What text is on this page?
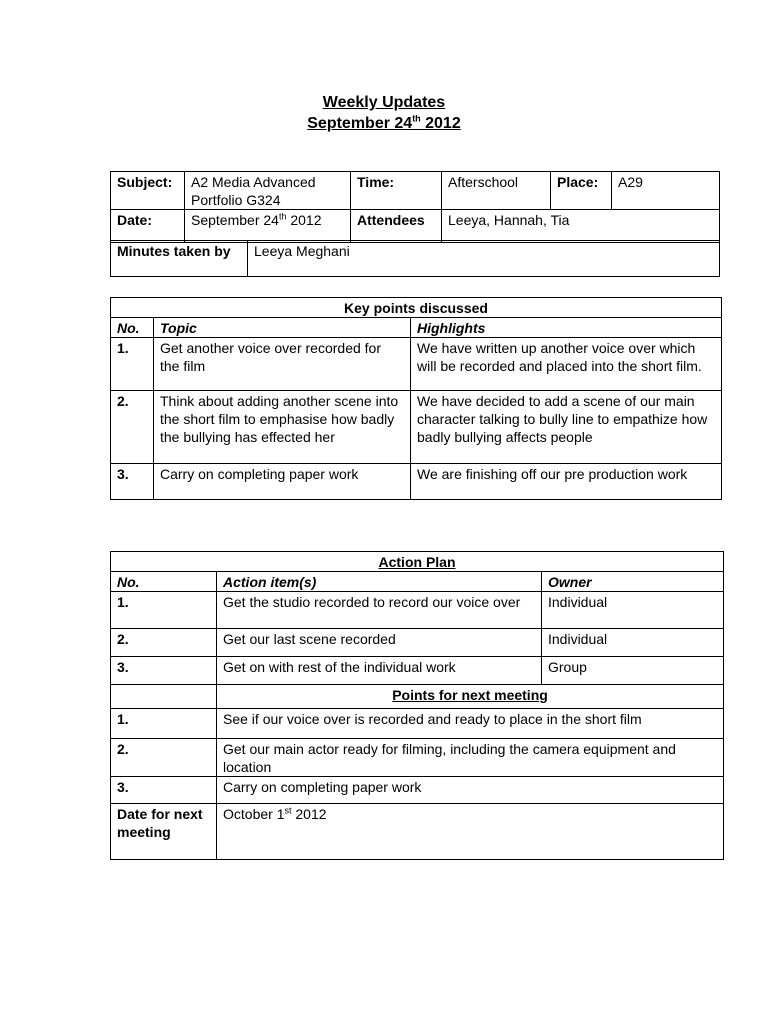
Weekly Updates
September 24th 2012
Subject:	A2 Media Advanced Portfolio G324	Time:	Afterschool	Place:	A29
Date:	September 24th 2012	Attendees	Leeya, Hannah, Tia		
Minutes taken by	Leeya Meghani
Key points discussed		
No.	Topic	Highlights
1.	Get another voice over recorded for the film	We have written up another voice over which will be recorded and placed into the short film.
2.	Think about adding another scene into the short film to emphasise how badly the bullying has effected her	We have decided to add a scene of our main character talking to bully line to empathize how badly bullying affects people
3.	Carry on completing paper work	We are finishing off our pre production work
Action Plan		
No.	Action item(s)	Owner
1.	Get the studio recorded to record our voice over	Individual
2.	Get our last scene recorded	Individual
3.	Get on with rest of the individual work	Group
	Points for next meeting	
1.	See if our voice over is recorded and ready to place in the short film	
2.	Get our main actor ready for filming, including the camera equipment and location	
3.	Carry on completing paper work	
Date for next meeting	October 1st 2012	
